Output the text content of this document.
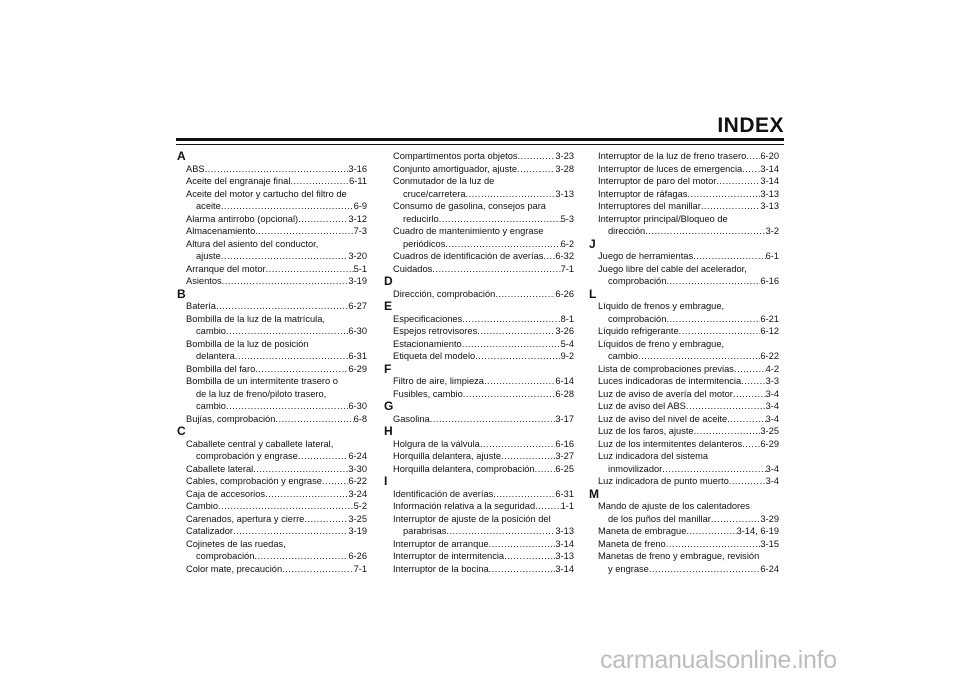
INDEX
A
ABS .....	3-16
Aceite del engranaje final .....	6-11
Aceite del motor y cartucho del filtro de
aceite .....	6-9
Alarma antirrobo (opcional) .....	3-12
Almacenamiento .....	7-3
Altura del asiento del conductor,
ajuste .....	3-20
Arranque del motor .....	5-1
Asientos .....	3-19
B
Batería .....	6-27
Bombilla de la luz de la matrícula,
cambio .....	6-30
Bombilla de la luz de posición
delantera .....	6-31
Bombilla del faro .....	6-29
Bombilla de un intermitente trasero o
de la luz de freno/piloto trasero,
cambio .....	6-30
Bujías, comprobación .....	6-8
C
Caballete central y caballete lateral,
comprobación y engrase .....	6-24
Caballete lateral .....	3-30
Cables, comprobación y engrase .....	6-22
Caja de accesorios .....	3-24
Cambio .....	5-2
Carenados, apertura y cierre .....	3-25
Catalizador .....	3-19
Cojinetes de las ruedas,
comprobación .....	6-26
Color mate, precaución .....	7-1
Compartimentos porta objetos .....	3-23
Conjunto amortiguador, ajuste .....	3-28
Conmutador de la luz de
cruce/carretera .....	3-13
Consumo de gasolina, consejos para
reducirlo .....	5-3
Cuadro de mantenimiento y engrase
periódicos .....	6-2
Cuadros de identificación de averías ..... 6-32
Cuidados .....	7-1
D
Dirección, comprobación .....	6-26
E
Especificaciones .....	8-1
Espejos retrovisores .....	3-26
Estacionamiento .....	5-4
Etiqueta del modelo .....	9-2
F
Filtro de aire, limpieza .....	6-14
Fusibles, cambio .....	6-28
G
Gasolina .....	3-17
H
Holgura de la válvula .....	6-16
Horquilla delantera, ajuste .....	3-27
Horquilla delantera, comprobación ..... 6-25
I
Identificación de averías .....	6-31
Información relativa a la seguridad .....	1-1
Interruptor de ajuste de la posición del
parabrisas .....	3-13
Interruptor de arranque .....	3-14
Interruptor de intermitencia .....	3-13
Interruptor de la bocina .....	3-14
Interruptor de la luz de freno trasero ..... 6-20
Interruptor de luces de emergencia ..... 3-14
Interruptor de paro del motor .....	3-14
Interruptor de ráfagas .....	3-13
Interruptores del manillar .....	3-13
Interruptor principal/Bloqueo de
dirección .....	3-2
J
Juego de herramientas .....	6-1
Juego libre del cable del acelerador,
comprobación .....	6-16
L
Líquido de frenos y embrague,
comprobación .....	6-21
Líquido refrigerante .....	6-12
Líquidos de freno y embrague,
cambio .....	6-22
Lista de comprobaciones previas .....	4-2
Luces indicadoras de intermitencia .....	3-3
Luz de aviso de avería del motor .....	3-4
Luz de aviso del ABS .....	3-4
Luz de aviso del nivel de aceite .....	3-4
Luz de los faros, ajuste .....	3-25
Luz de los intermitentes delanteros ..... 6-29
Luz indicadora del sistema
inmovilizador .....	3-4
Luz indicadora de punto muerto .....	3-4
M
Mando de ajuste de los calentadores
de los puños del manillar .....	3-29
Maneta de embrague .....	3-14, 6-19
Maneta de freno .....	3-15
Manetas de freno y embrague, revisión
y engrase .....	6-24
carmanualsonline.info
